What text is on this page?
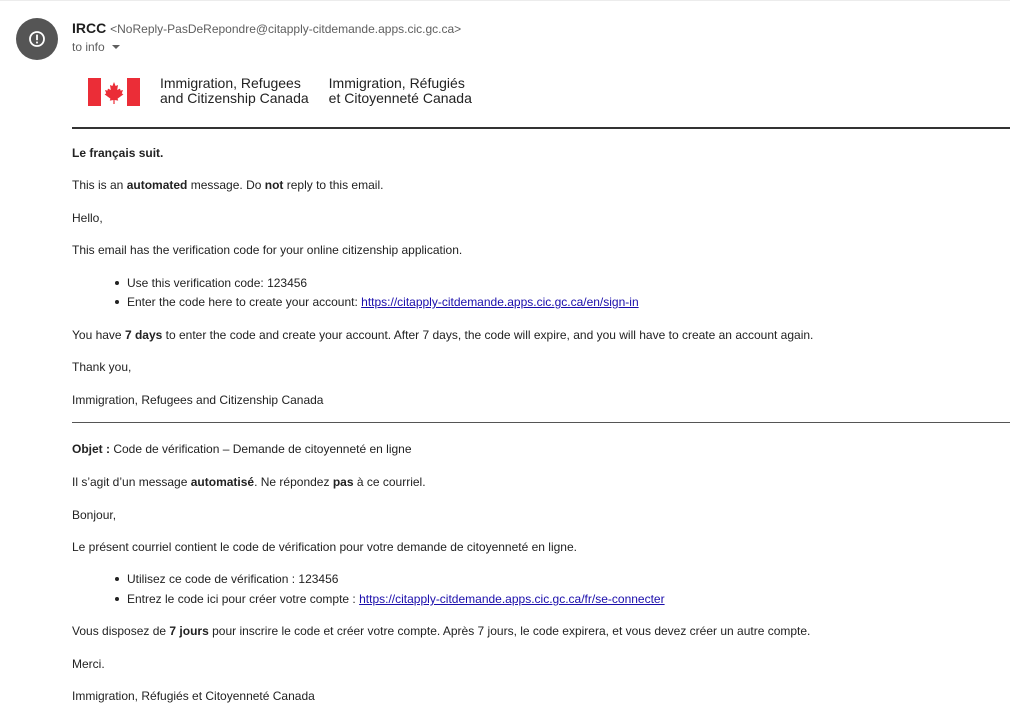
IRCC <NoReply-PasDeRepondre@citapply-citdemande.apps.cic.gc.ca>
to info
Immigration, Refugees
and Citizenship Canada
Immigration, Réfugiés
et Citoyenneté Canada
Le français suit.
This is an automated message. Do not reply to this email.
Hello,
This email has the verification code for your online citizenship application.
Use this verification code: 123456
Enter the code here to create your account: https://citapply-citdemande.apps.cic.gc.ca/en/sign-in
You have 7 days to enter the code and create your account. After 7 days, the code will expire, and you will have to create an account again.
Thank you,
Immigration, Refugees and Citizenship Canada
Objet : Code de vérification – Demande de citoyenneté en ligne
Il s’agit d’un message automatisé. Ne répondez pas à ce courriel.
Bonjour,
Le présent courriel contient le code de vérification pour votre demande de citoyenneté en ligne.
Utilisez ce code de vérification : 123456
Entrez le code ici pour créer votre compte : https://citapply-citdemande.apps.cic.gc.ca/fr/se-connecter
Vous disposez de 7 jours pour inscrire le code et créer votre compte. Après 7 jours, le code expirera, et vous devez créer un autre compte.
Merci.
Immigration, Réfugiés et Citoyenneté Canada
